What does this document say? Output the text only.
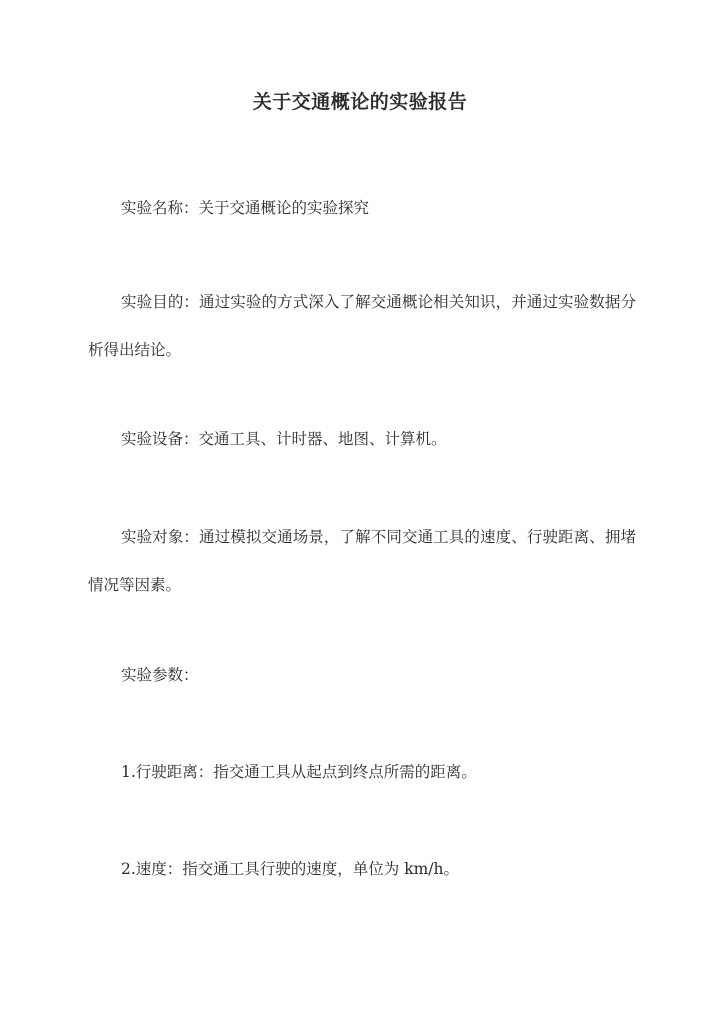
关于交通概论的实验报告

实验名称：关于交通概论的实验探究

实验目的：通过实验的方式深入了解交通概论相关知识，并通过实验数据分析得出结论。

实验设备：交通工具、计时器、地图、计算机。

实验对象：通过模拟交通场景，了解不同交通工具的速度、行驶距离、拥堵情况等因素。

实验参数：

1.行驶距离：指交通工具从起点到终点所需的距离。

2.速度：指交通工具行驶的速度，单位为 km/h。
